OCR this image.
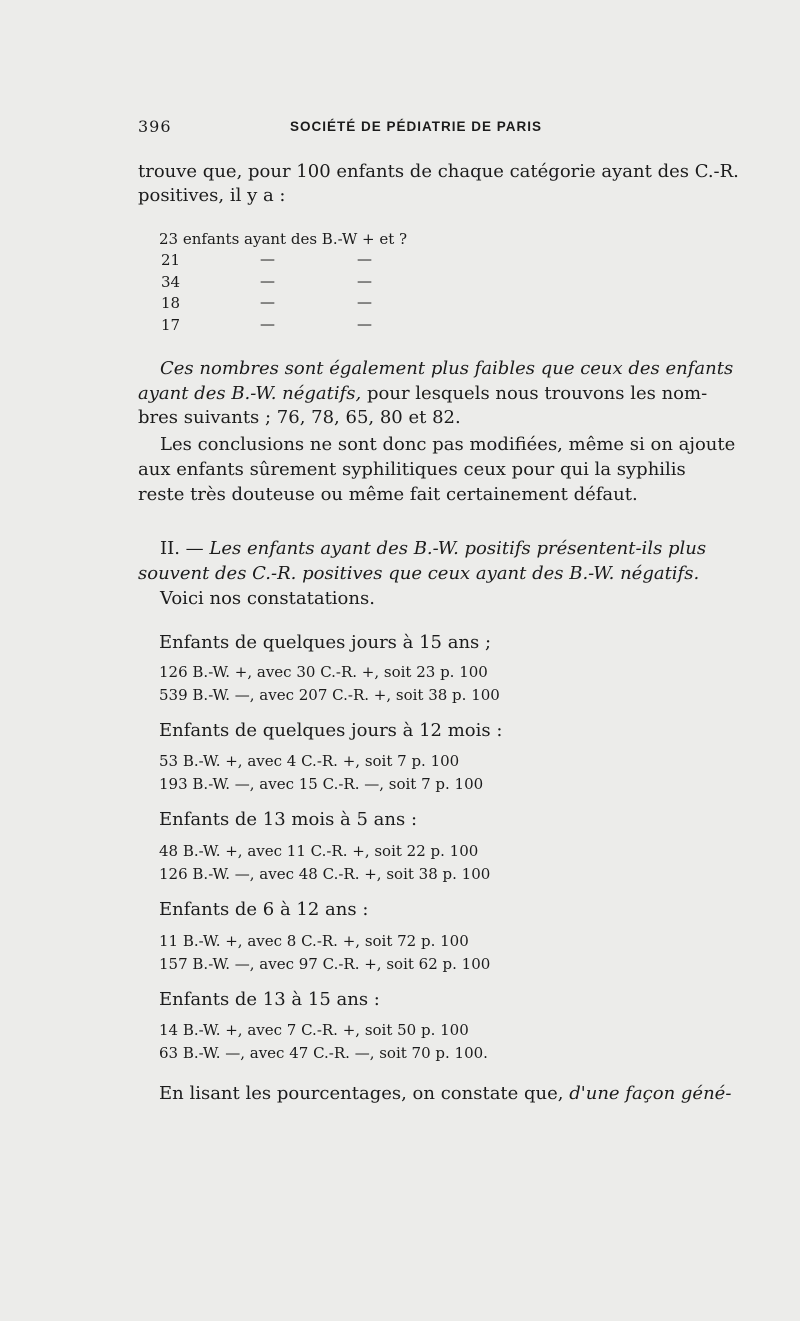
396	SOCIÉTÉ DE PÉDIATRIE DE PARIS
trouve que, pour 100 enfants de chaque catégorie ayant des C.-R.
positives, il y a :
23 enfants ayant des B.-W + et ?
21	—	—
34	—	—
18	—	—
17	—	—
Ces nombres sont également plus faibles que ceux des enfants
ayant des B.-W. négatifs, pour lesquels nous trouvons les nom-
bres suivants ; 76, 78, 65, 80 et 82.
Les conclusions ne sont donc pas modifiées, même si on ajoute
aux enfants sûrement syphilitiques ceux pour qui la syphilis
reste très douteuse ou même fait certainement défaut.
II. — Les enfants ayant des B.-W. positifs présentent-ils plus
souvent des C.-R. positives que ceux ayant des B.-W. négatifs.
Voici nos constatations.
Enfants de quelques jours à 15 ans ;
126 B.-W. +, avec 30 C.-R. +, soit 23 p. 100
539 B.-W. —, avec 207 C.-R. +, soit 38 p. 100
Enfants de quelques jours à 12 mois :
53 B.-W. +, avec 4 C.-R. +, soit 7 p. 100
193 B.-W. —, avec 15 C.-R. —, soit 7 p. 100
Enfants de 13 mois à 5 ans :
48 B.-W. +, avec 11 C.-R. +, soit 22 p. 100
126 B.-W. —, avec 48 C.-R. +, soit 38 p. 100
Enfants de 6 à 12 ans :
11 B.-W. +, avec 8 C.-R. +, soit 72 p. 100
157 B.-W. —, avec 97 C.-R. +, soit 62 p. 100
Enfants de 13 à 15 ans :
14 B.-W. +, avec 7 C.-R. +, soit 50 p. 100
63 B.-W. —, avec 47 C.-R. —, soit 70 p. 100.
En lisant les pourcentages, on constate que, d'une façon géné-
